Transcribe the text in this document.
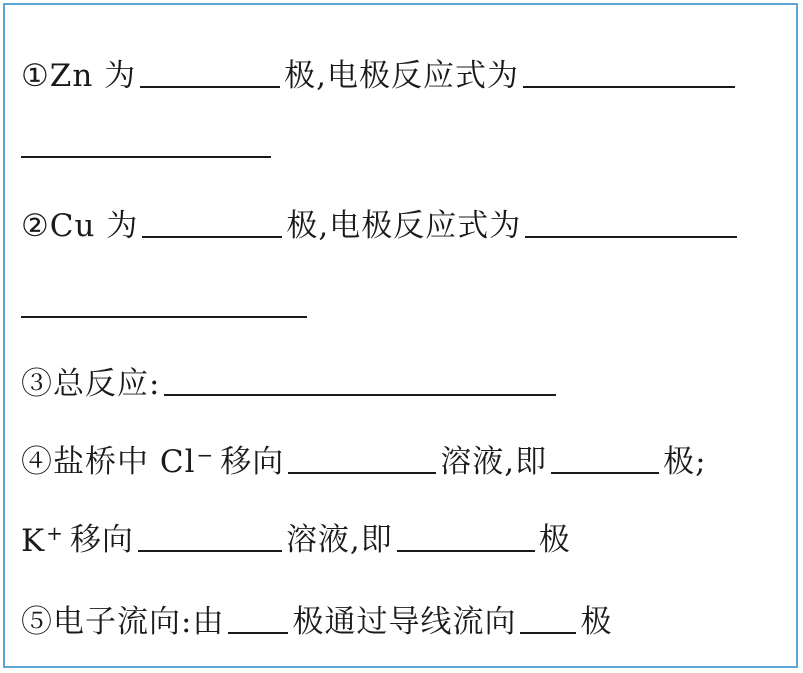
①Zn 为	极,电极反应式为
②Cu 为	极,电极反应式为
③总反应:
④盐桥中 Cl − 移向	溶液,即	极;
K + 移向	溶液,即	极
⑤电子流向:由 极通过导线流向 极
